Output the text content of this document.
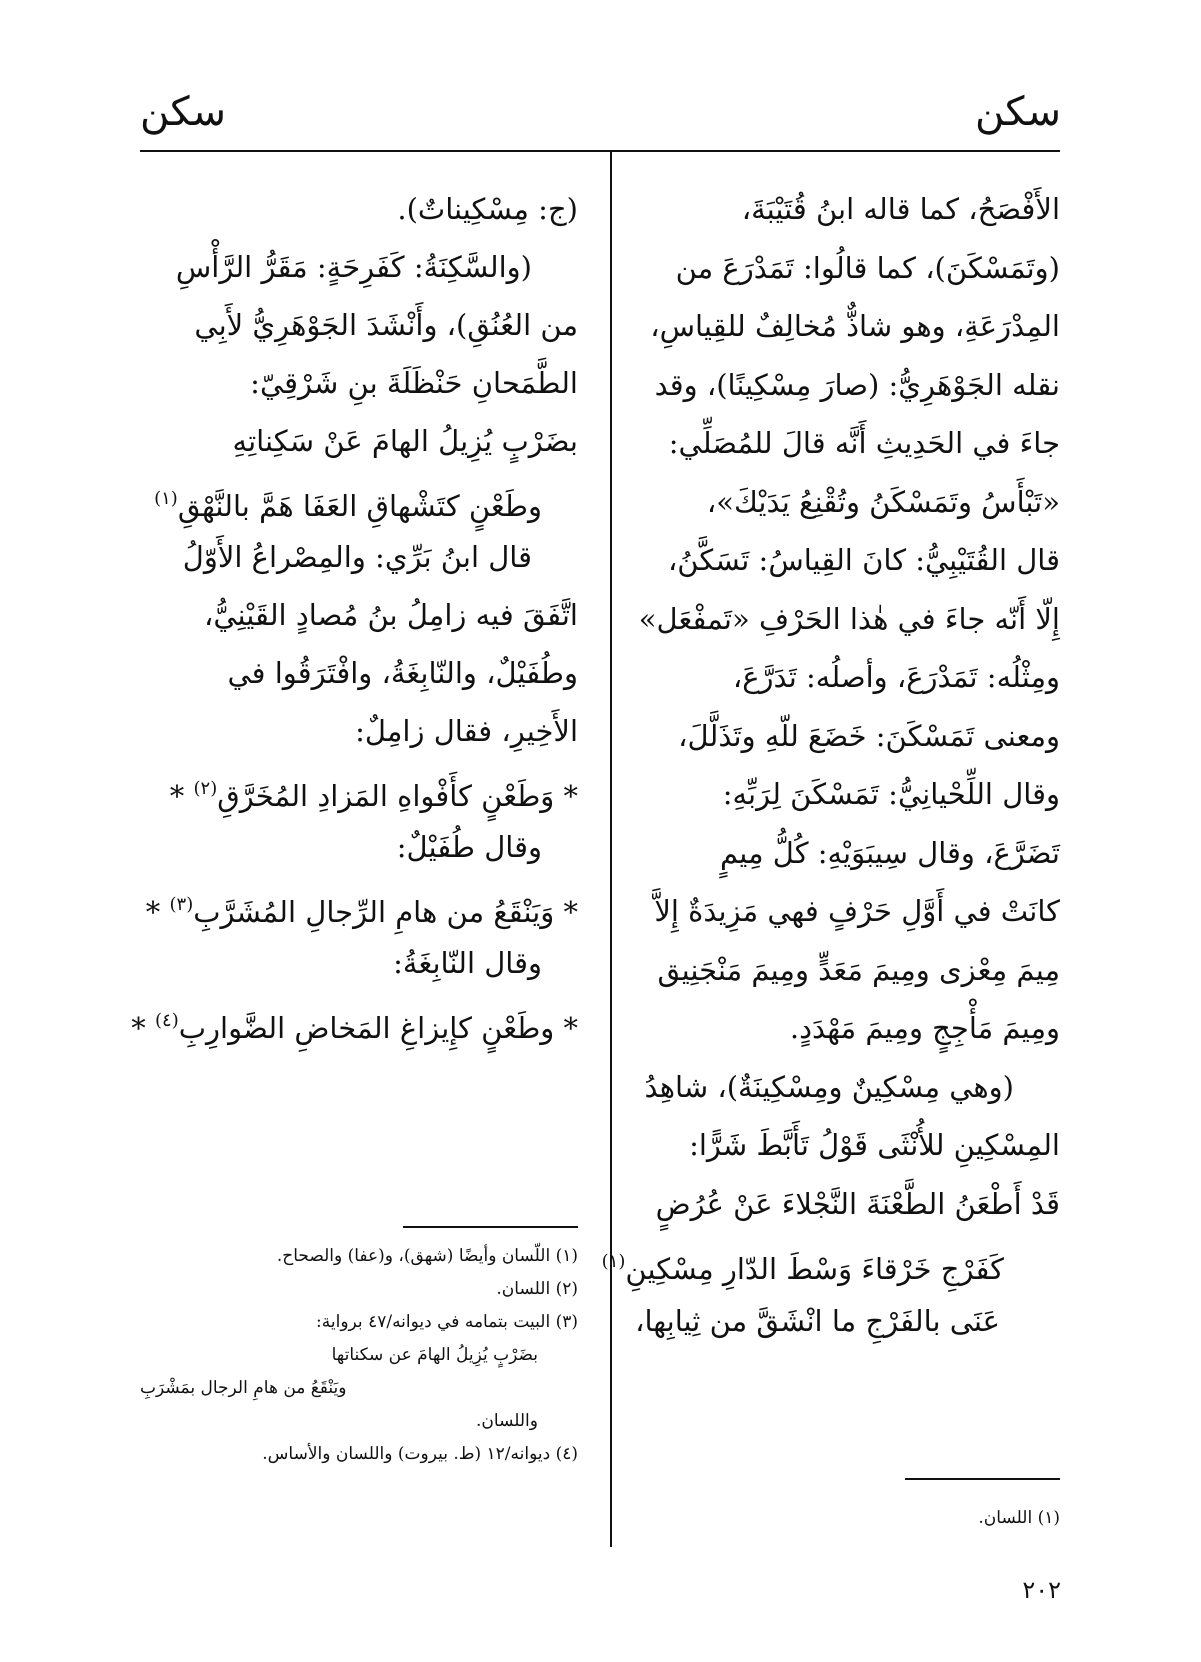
سكن
سكن
الأَفْصَحُ، كما قاله ابنُ قُتَيْبَةَ،
(وتَمَسْكَنَ)، كما قالُوا: تَمَدْرَعَ من
المِدْرَعَةِ، وهو شاذٌّ مُخالِفٌ للقِياسِ،
نقله الجَوْهَرِيُّ: (صارَ مِسْكِينًا)، وقد
جاءَ في الحَدِيثِ أَنَّه قالَ للمُصَلِّي:
«تَبْأَسُ وتَمَسْكَنُ وتُقْنِعُ يَدَيْكَ»،
قال القُتَيْبِيُّ: كانَ القِياسُ: تَسَكَّنُ،
إِلّا أَنّه جاءَ في هٰذا الحَرْفِ «تَمفْعَل»
ومِثْلُه: تَمَدْرَعَ، وأصلُه: تَدَرَّعَ،
ومعنى تَمَسْكَنَ: خَضَعَ للّهِ وتَذَلَّلَ،
وقال اللِّحْيانِيُّ: تَمَسْكَنَ لِرَبِّهِ:
تَضَرَّعَ، وقال سِيبَوَيْهِ: كُلُّ مِيمٍ
كانَتْ في أَوَّلِ حَرْفٍ فهي مَزِيدَةٌ إِلاَّ
مِيمَ مِعْزى ومِيمَ مَعَدٍّ ومِيمَ مَنْجَنِيق
ومِيمَ مَأْجِجٍ ومِيمَ مَهْدَدٍ.
(وهي مِسْكِينٌ ومِسْكِينَةٌ)، شاهِدُ
المِسْكِينِ للأُنْثَى قَوْلُ تَأَبَّطَ شَرًّا:
قَدْ أَطْعَنُ الطَّعْنَةَ النَّجْلاءَ عَنْ عُرُضٍ
كَفَرْجِ خَرْقاءَ وَسْطَ الدّارِ مِسْكِينِ$^{(١)}$
عَنَى بالفَرْجِ ما انْشَقَّ من ثِيابِها،
(ج: مِسْكِيناتٌ).
(والسَّكِنَةُ: كَفَرِحَةٍ: مَقَرُّ الرَّأْسِ
من العُنُقِ)، وأَنْشَدَ الجَوْهَرِيُّ لأَبِي
الطَّمَحانِ حَنْظَلَةَ بنِ شَرْقِيّ:
بضَرْبٍ يُزِيلُ الهامَ عَنْ سَكِناتِهِ
وطَعْنٍ كتَشْهاقِ العَفَا هَمَّ بالنَّهْقِ$^{(١)}$
قال ابنُ بَرِّي: والمِصْراعُ الأَوّلُ
اتَّفَقَ فيه زامِلُ بنُ مُصادٍ القَيْنِيُّ،
وطُفَيْلٌ، والنّابِغَةُ، وافْتَرَقُوا في
الأَخِيرِ، فقال زامِلٌ:
* وَطَعْنٍ كأَفْواهِ المَزادِ المُخَرَّقِ$^{(٢)}$ *
وقال طُفَيْلٌ:
* وَيَنْقَعُ من هامِ الرِّجالِ المُشَرَّبِ$^{(٣)}$ *
وقال النّابِغَةُ:
* وطَعْنٍ كإِيزاغِ المَخاضِ الضَّوارِبِ$^{(٤)}$ *
(١) اللّسان وأيضًا (شهق)، و(عفا) والصحاح.
(٢) اللسان.
(٣) البيت بتمامه في ديوانه/٤٧ برواية:
بضَرْبٍ يُزِيلُ الهامَ عن سكناتها
ويَنْقَعُ من هامِ الرجال بمَشْرَبِ
واللسان.
(٤) ديوانه/١٢ (ط. بيروت) واللسان والأساس.
(١) اللسان.
٢٠٢
